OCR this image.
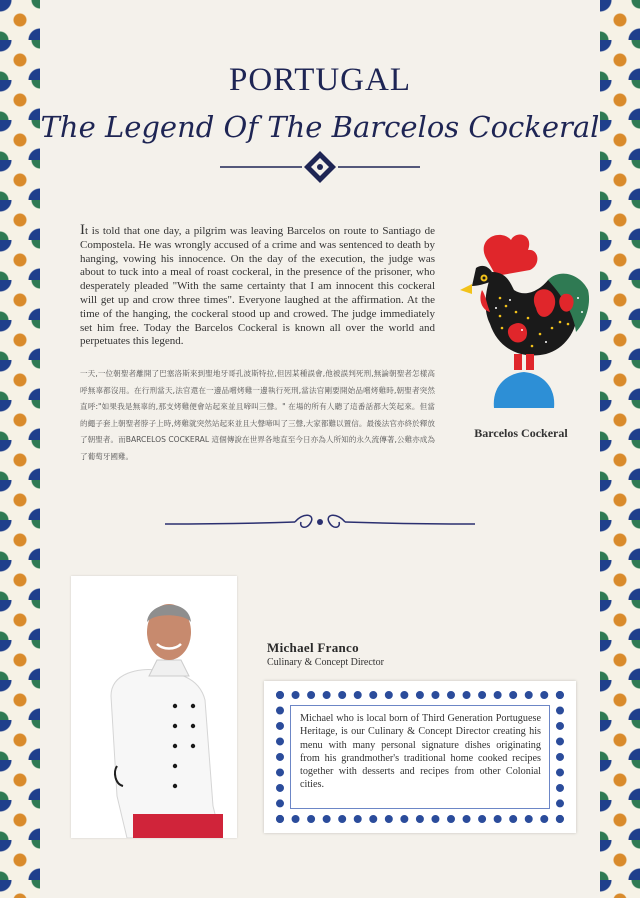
PORTUGAL
The Legend Of The Barcelos Cockeral
It is told that one day, a pilgrim was leaving Barcelos on route to Santiago de Compostela. He was wrongly accused of a crime and was sentenced to death by hanging, vowing his innocence. On the day of the execution, the judge was about to tuck into a meal of roast cockeral, in the presence of the prisoner, who desperately pleaded "With the same certainty that I am innocent this cockeral will get up and crow three times". Everyone laughed at the affirmation. At the time of the hanging, the cockeral stood up and crowed. The judge immediately set him free. Today the Barcelos Cockeral is known all over the world and perpetuates this legend.
一天,一位朝聖者離開了巴塞洛斯來到聖地牙哥孔波斯特拉,但因某種誤會,他被誤判死刑,無論朝聖者怎樣高呼無辜都沒用。在行刑當天,法官還在一邊品嚐烤雞一邊執行死刑,當法官剛要開始品嚐烤雞時,朝聖者突然直呼:"如果我是無辜的,那支烤雞便會站起來並且啼叫三聲。" 在場的所有人聽了這番話都大笑起來。但當的繩子套上朝聖者脖子上時,烤雞就突然站起來並且大聲啼叫了三聲,大家都難以置信。最後法官亦終於釋放了朝聖者。而BARCELOS COCKERAL 這個傳說在世界各地直至今日亦為人所知的永久流傳著,公雞亦成為了葡萄牙國雞。
Barcelos Cockeral
Michael Franco
Culinary & Concept Director
Michael who is local born of Third Generation Portuguese Heritage, is our Culinary & Concept Director creating his menu with many personal signature dishes originating from his grandmother's traditional home cooked recipes together with desserts and recipes from other Colonial cities.
